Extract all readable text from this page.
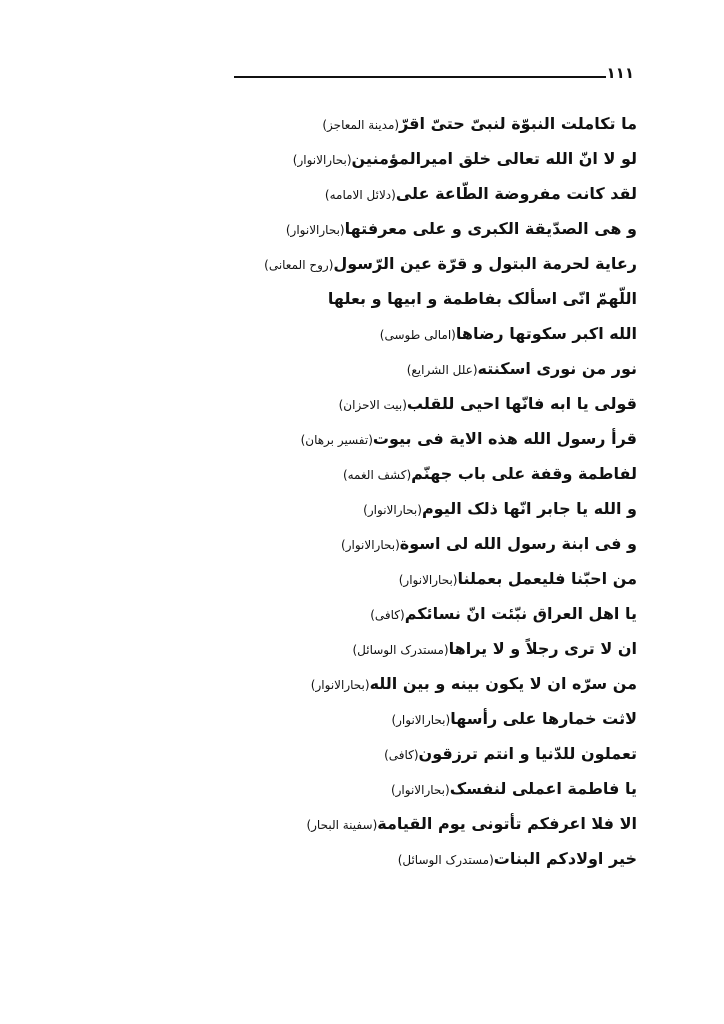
۱۱۱
ما تکاملت النبوّة لنبیّ حتیّ اقرّ( مدینة المعاجز )
لو لا انّ الله تعالی خلق امیرالمؤمنین( بحارالانوار )
لقد کانت مفروضة الطّاعة علی( دلائل الامامه )
و هی الصدّیقة الکبری و علی معرفتها( بحارالانوار )
رعایة لحرمة البتول و قرّة عین الرّسول( روح المعانی )
اللّهمّ انّی اسألک بفاطمة و ابیها و بعلها
الله اکبر سکوتها رضاها( امالی طوسی )
نور من نوری اسکنته( علل الشرایع )
قولی یا ابه فانّها احیی للقلب( بیت الاحزان )
قرأ رسول الله هذه الایة فی بیوت( تفسیر برهان )
لفاطمة وقفة علی باب جهنّم( کشف الغمه )
و الله یا جابر انّها ذلک الیوم( بحارالانوار )
و فی ابنة رسول الله لی اسوة( بحارالانوار )
من احبّنا فلیعمل بعملنا( بحارالانوار )
یا اهل العراق نبّئت انّ نسائکم( کافی )
ان لا تری رجلاً و لا یراها( مستدرک الوسائل )
من سرّه ان لا یکون بینه و بین الله( بحارالانوار )
لاثت خمارها علی رأسها( بحارالانوار )
تعملون للدّنیا و انتم ترزقون( کافی )
یا فاطمة اعملی لنفسک( بحارالانوار )
الا فلا اعرفکم تأتونی یوم القیامة( سفینة البحار )
خیر اولادکم البنات( مستدرک الوسائل )
